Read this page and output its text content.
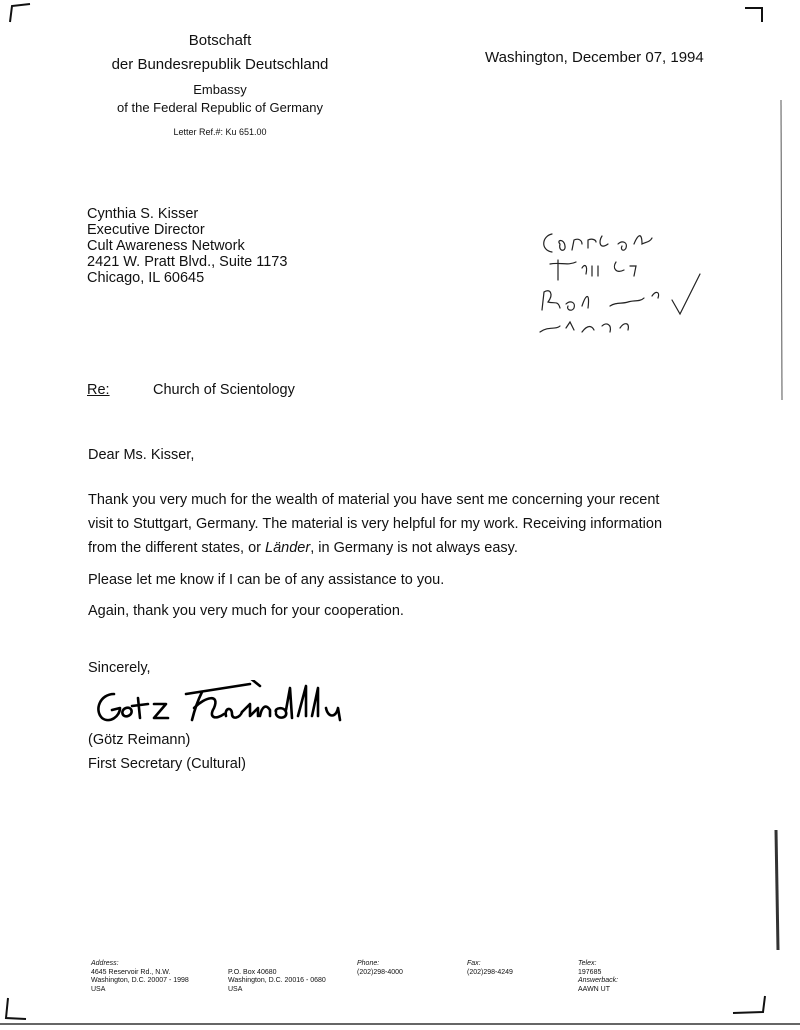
Botschaft
der Bundesrepublik Deutschland
Embassy
of the Federal Republic of Germany
Letter Ref.#: Ku 651.00
Washington, December 07, 1994
Cynthia S. Kisser
Executive Director
Cult Awareness Network
2421 W. Pratt Blvd., Suite 1173
Chicago, IL 60645
Re:	Church of Scientology
Dear Ms. Kisser,
Thank you very much for the wealth of material you have sent me concerning your recent
visit to Stuttgart, Germany. The material is very helpful for my work. Receiving information
from the different states, or Länder, in Germany is not always easy.
Please let me know if I can be of any assistance to you.
Again, thank you very much for your cooperation.
Sincerely,
(Götz Reimann)
First Secretary (Cultural)
Address:
4645 Reservoir Rd., N.W.
Washington, D.C. 20007 - 1998
USA
P.O. Box 40680
Washington, D.C. 20016 - 0680
USA
Phone:
(202)298-4000
Fax:
(202)298-4249
Telex:
197685
Answerback:
AAWN UT
